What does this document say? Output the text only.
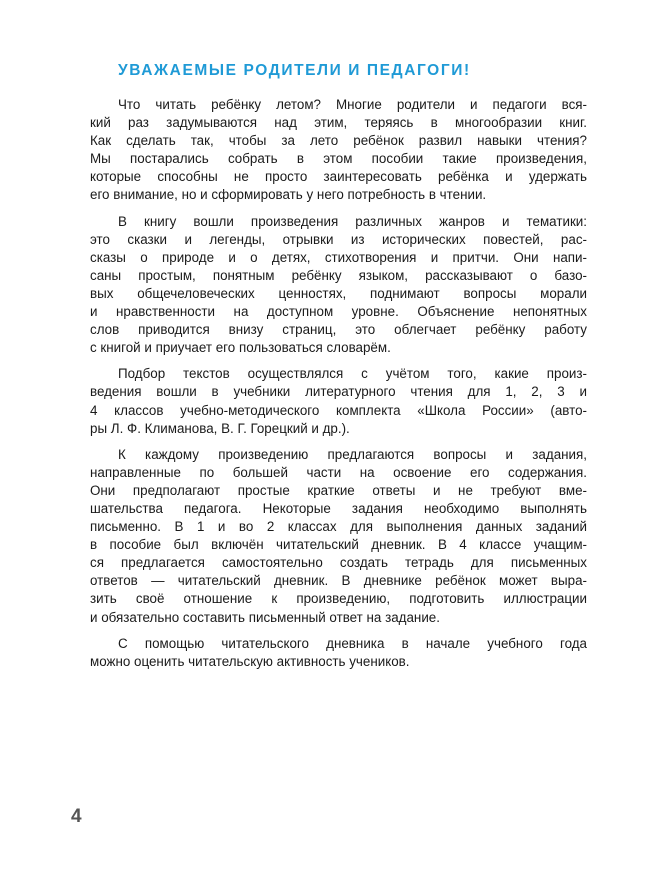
УВАЖАЕМЫЕ РОДИТЕЛИ И ПЕДАГОГИ!

Что читать ребёнку летом? Многие родители и педагоги вся-
кий раз задумываются над этим, теряясь в многообразии книг.
Как сделать так, чтобы за лето ребёнок развил навыки чтения?
Мы постарались собрать в этом пособии такие произведения,
которые способны не просто заинтересовать ребёнка и удержать
его внимание, но и сформировать у него потребность в чтении.

В книгу вошли произведения различных жанров и тематики:
это сказки и легенды, отрывки из исторических повестей, рас-
сказы о природе и о детях, стихотворения и притчи. Они напи-
саны простым, понятным ребёнку языком, рассказывают о базо-
вых общечеловеческих ценностях, поднимают вопросы морали
и нравственности на доступном уровне. Объяснение непонятных
слов приводится внизу страниц, это облегчает ребёнку работу
с книгой и приучает его пользоваться словарём.

Подбор текстов осуществлялся с учётом того, какие произ-
ведения вошли в учебники литературного чтения для 1, 2, 3 и
4 классов учебно-методического комплекта «Школа России» (авто-
ры Л. Ф. Климанова, В. Г. Горецкий и др.).

К каждому произведению предлагаются вопросы и задания,
направленные по большей части на освоение его содержания.
Они предполагают простые краткие ответы и не требуют вме-
шательства педагога. Некоторые задания необходимо выполнять
письменно. В 1 и во 2 классах для выполнения данных заданий
в пособие был включён читательский дневник. В 4 классе учащим-
ся предлагается самостоятельно создать тетрадь для письменных
ответов — читательский дневник. В дневнике ребёнок может выра-
зить своё отношение к произведению, подготовить иллюстрации
и обязательно составить письменный ответ на задание.

С помощью читательского дневника в начале учебного года
можно оценить читательскую активность учеников.

4
